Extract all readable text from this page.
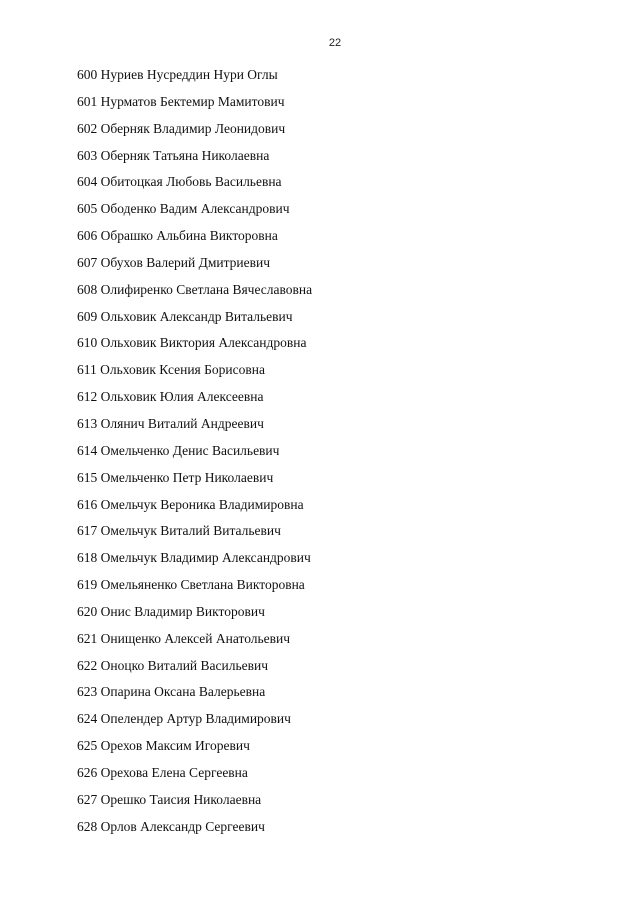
22
600 Нуриев Нусреддин Нури Оглы
601 Нурматов Бектемир Мамитович
602 Оберняк Владимир Леонидович
603 Оберняк Татьяна Николаевна
604 Обитоцкая Любовь Васильевна
605 Ободенко Вадим Александрович
606 Обрашко Альбина Викторовна
607 Обухов Валерий Дмитриевич
608 Олифиренко Светлана Вячеславовна
609 Ольховик Александр Витальевич
610 Ольховик Виктория Александровна
611 Ольховик Ксения Борисовна
612 Ольховик Юлия Алексеевна
613 Олянич Виталий Андреевич
614 Омельченко Денис Васильевич
615 Омельченко Петр Николаевич
616 Омельчук Вероника Владимировна
617 Омельчук Виталий Витальевич
618 Омельчук Владимир Александрович
619 Омельяненко Светлана Викторовна
620 Онис Владимир Викторович
621 Онищенко Алексей Анатольевич
622 Оноцко Виталий Васильевич
623 Опарина Оксана Валерьевна
624 Опелендер Артур Владимирович
625 Орехов Максим Игоревич
626 Орехова Елена Сергеевна
627 Орешко Таисия Николаевна
628 Орлов Александр Сергеевич
